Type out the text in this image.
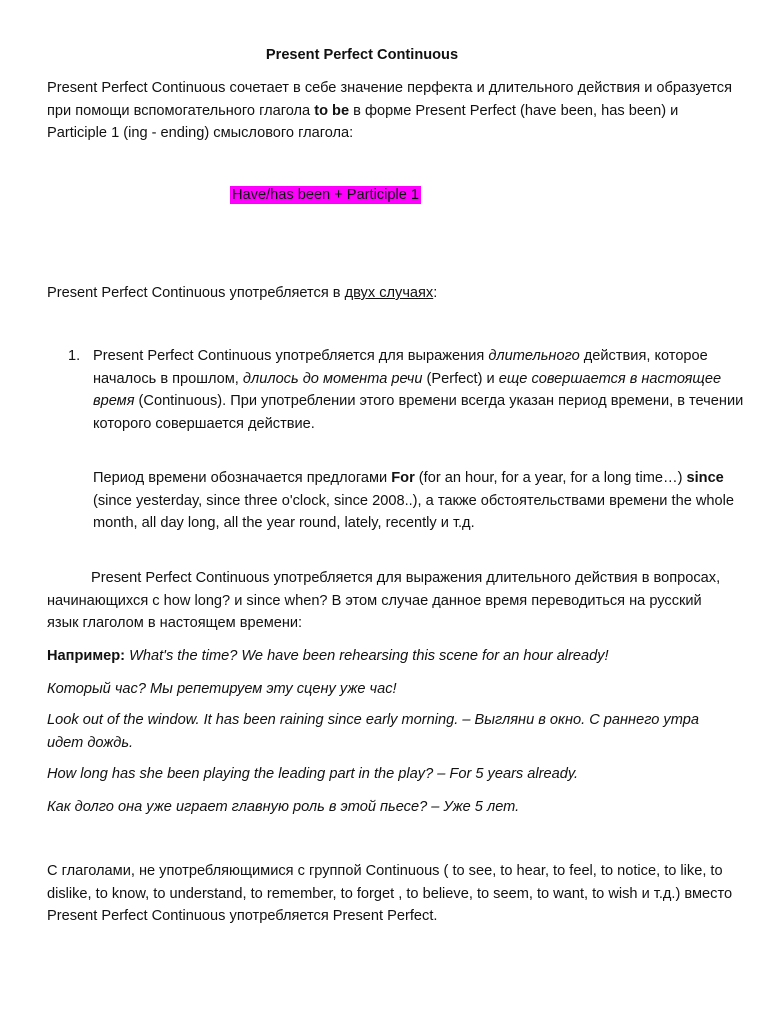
Present Perfect Continuous

Present Perfect Continuous сочетает в себе значение перфекта и длительного действия и образуется при помощи вспомогательного глагола to be в форме Present Perfect (have been, has been) и Participle 1 (ing - ending) смыслового глагола:

Have/has been + Participle 1

Present Perfect Continuous употребляется в двух случаях:

1. Present Perfect Continuous употребляется для выражения длительного действия, которое началось в прошлом, длилось до момента речи (Perfect) и еще совершается в настоящее время (Continuous). При употреблении этого времени всегда указан период времени, в течении которого совершается действие.

Период времени обозначается предлогами For (for an hour, for a year, for a long time…) since (since yesterday, since three o'clock, since 2008..), а также обстоятельствами времени the whole month, all day long, all the year round, lately, recently и т.д.

Present Perfect Continuous употребляется для выражения длительного действия в вопросах, начинающихся с how long? и since when? В этом случае данное время переводиться на русский язык глаголом в настоящем времени:

Например: What's the time? We have been rehearsing this scene for an hour already!

Который час? Мы репетируем эту сцену уже час!

Look out of the window. It has been raining since early morning. – Выгляни в окно. С раннего утра идет дождь.

How long has she been playing the leading part in the play? – For 5 years already.

Как долго она уже играет главную роль в этой пьесе? – Уже 5 лет.

С глаголами, не употребляющимися с группой Continuous ( to see, to hear, to feel, to notice, to like, to dislike, to know, to understand, to remember, to forget , to believe, to seem, to want, to wish и т.д.) вместо Present Perfect Continuous употребляется Present Perfect.
